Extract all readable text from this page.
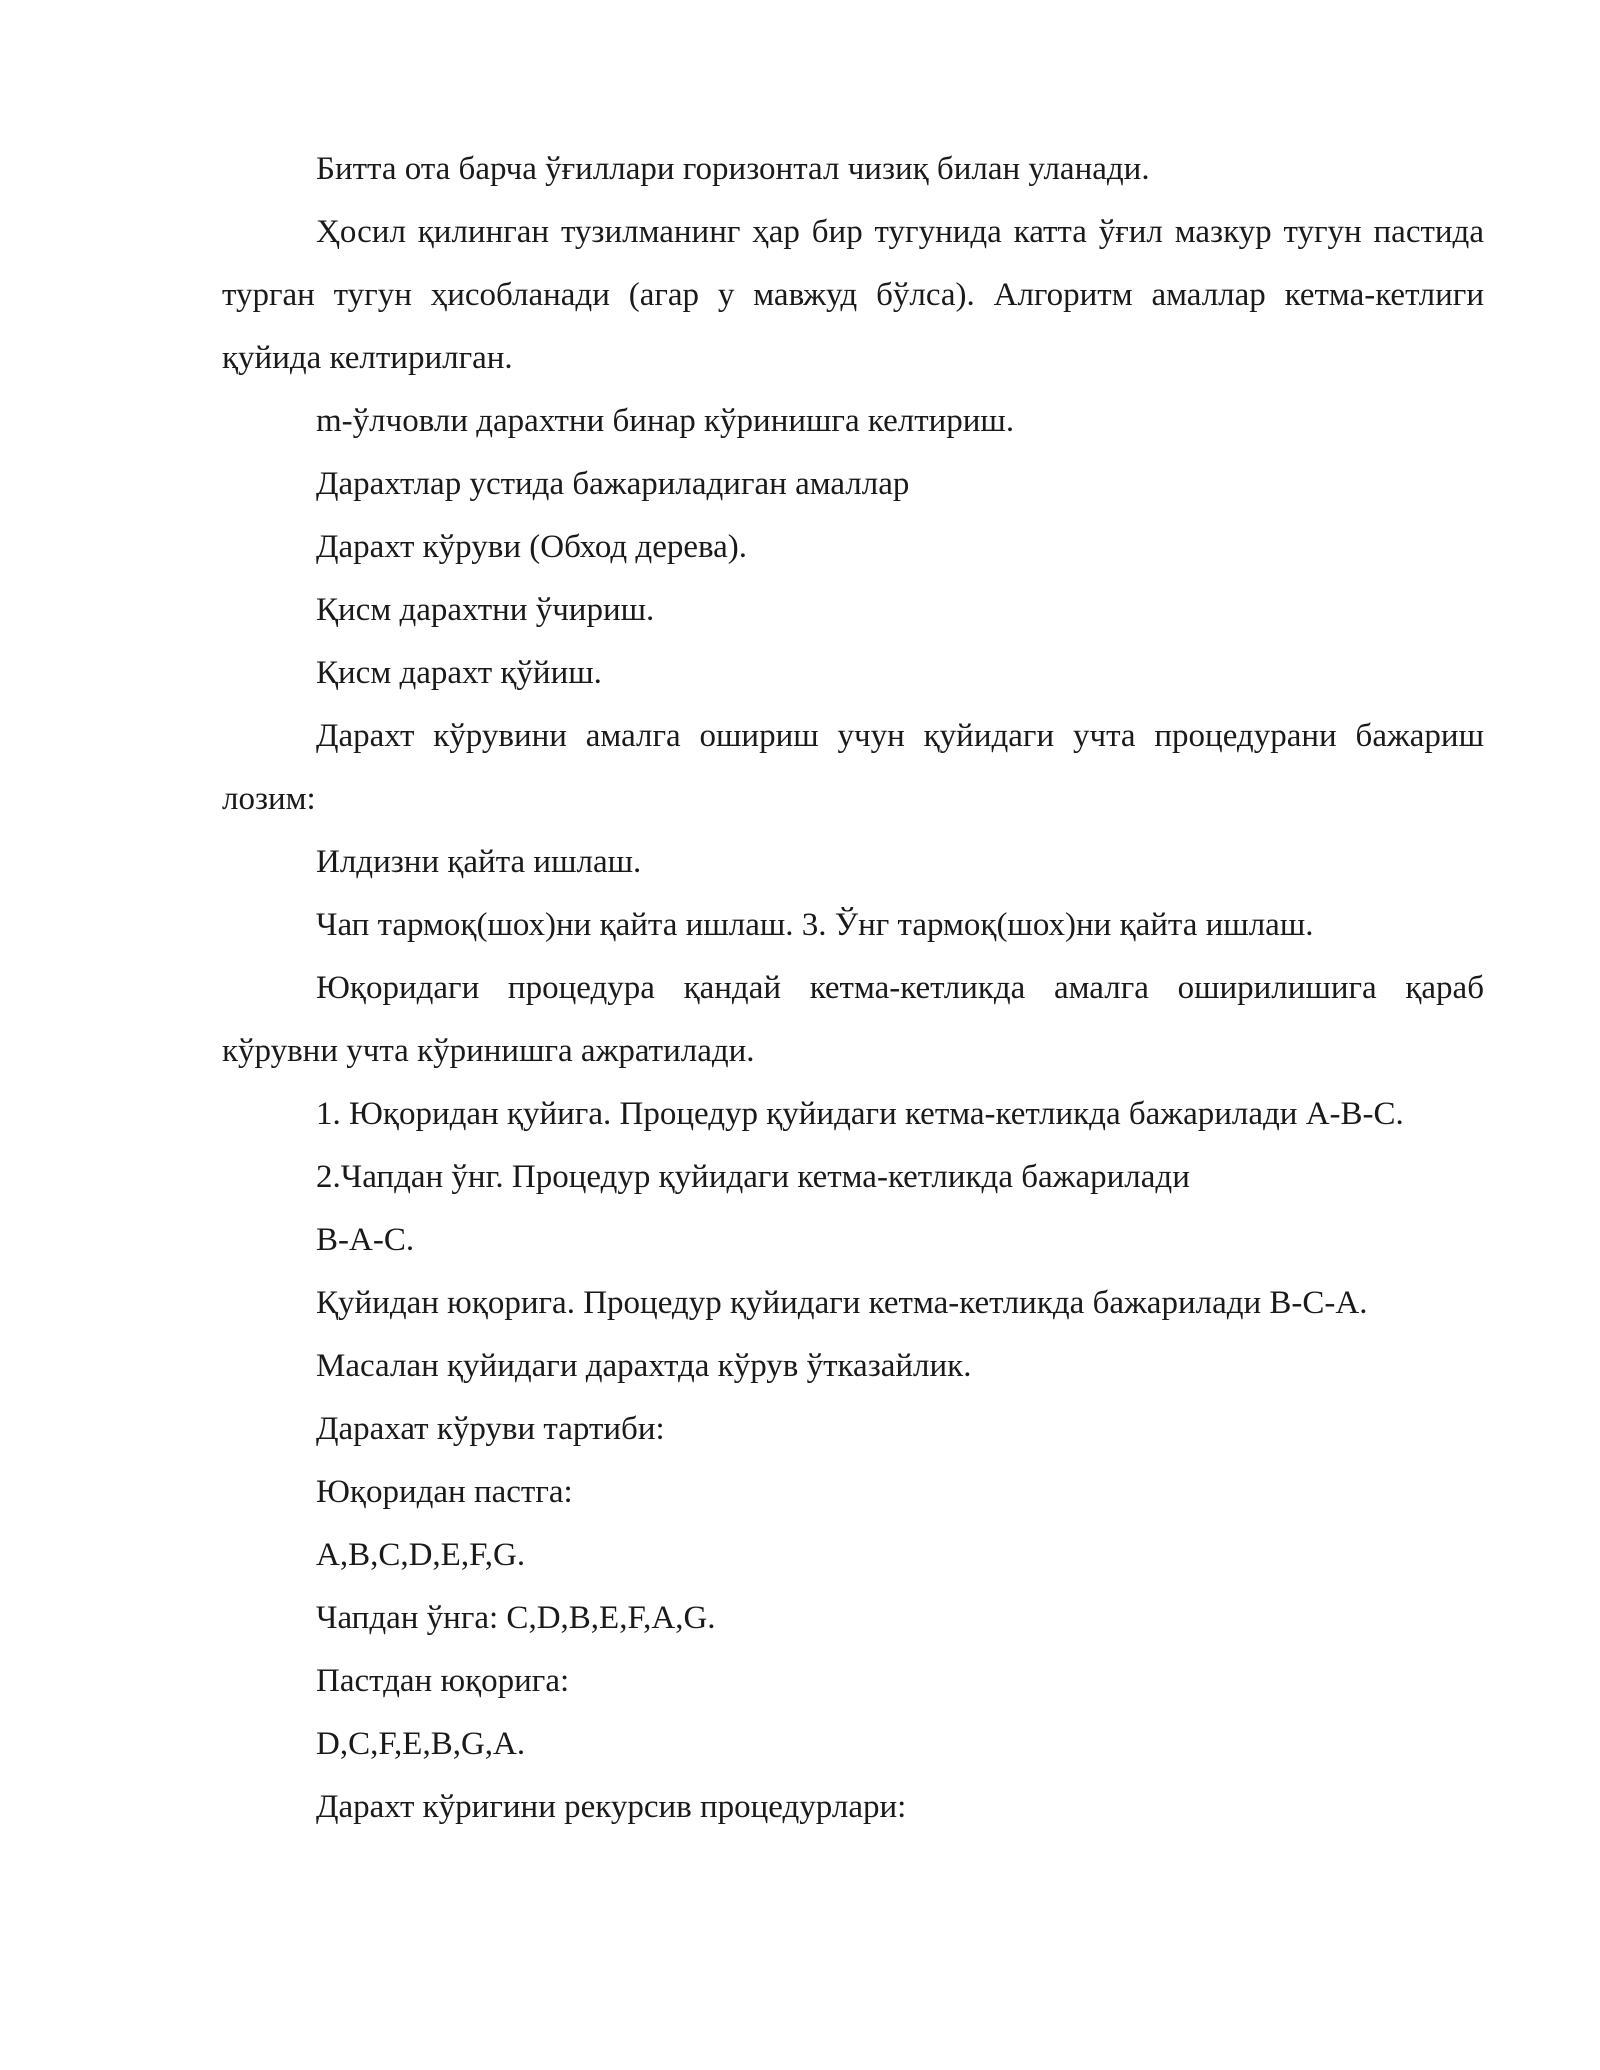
Битта ота барча ўғиллари горизонтал чизиқ билан уланади.

Ҳосил қилинган тузилманинг ҳар бир тугунида катта ўғил мазкур тугун пастида турган тугун ҳисобланади (агар у мавжуд бўлса). Алгоритм амаллар кетма-кетлиги қуйида келтирилган.

m-ўлчовли дарахтни бинар кўринишга келтириш.

Дарахтлар устида бажариладиган амаллар

Дарахт кўруви (Обход дерева).

Қисм дарахтни ўчириш.

Қисм дарахт қўйиш.

Дарахт кўрувини амалга ошириш учун қуйидаги учта процедурани бажариш лозим:

Илдизни қайта ишлаш.

Чап тармоқ(шох)ни қайта ишлаш. 3. Ўнг тармоқ(шох)ни қайта ишлаш.

Юқоридаги процедура қандай кетма-кетликда амалга оширилишига қараб кўрувни учта кўринишга ажратилади.

1. Юқоридан қуйига. Процедур қуйидаги кетма-кетликда бажарилади А-В-С.

2.Чапдан ўнг. Процедур қуйидаги кетма-кетликда бажарилади

В-А-С.

Қуйидан юқорига. Процедур қуйидаги кетма-кетликда бажарилади В-С-А.

Масалан қуйидаги дарахтда кўрув ўтказайлик.

Дарахат кўруви тартиби:

Юқоридан пастга:

A,B,C,D,E,F,G.

Чапдан ўнга: C,D,B,E,F,A,G.

Пастдан юқорига:

D,C,F,E,B,G,A.

Дарахт кўригини рекурсив процедурлари:
